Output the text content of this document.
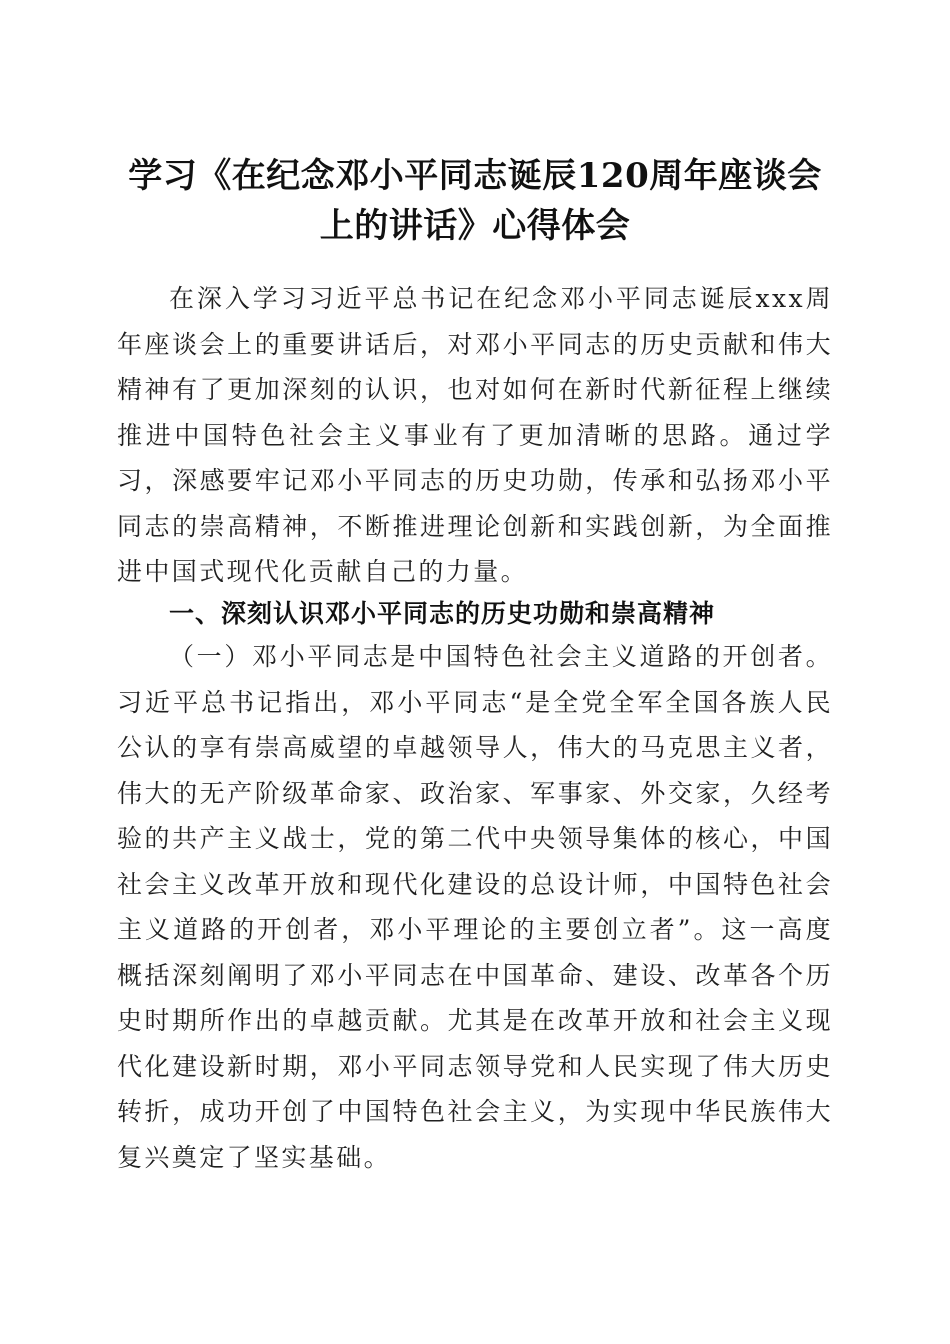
学习《在纪念邓小平同志诞辰120周年座谈会
上的讲话》心得体会

在深入学习习近平总书记在纪念邓小平同志诞辰xxx周年座谈会上的重要讲话后，对邓小平同志的历史贡献和伟大精神有了更加深刻的认识，也对如何在新时代新征程上继续推进中国特色社会主义事业有了更加清晰的思路。通过学习，深感要牢记邓小平同志的历史功勋，传承和弘扬邓小平同志的崇高精神，不断推进理论创新和实践创新，为全面推进中国式现代化贡献自己的力量。

一、深刻认识邓小平同志的历史功勋和崇高精神

（一）邓小平同志是中国特色社会主义道路的开创者。习近平总书记指出，邓小平同志“是全党全军全国各族人民公认的享有崇高威望的卓越领导人，伟大的马克思主义者，伟大的无产阶级革命家、政治家、军事家、外交家，久经考验的共产主义战士，党的第二代中央领导集体的核心，中国社会主义改革开放和现代化建设的总设计师，中国特色社会主义道路的开创者，邓小平理论的主要创立者”。这一高度概括深刻阐明了邓小平同志在中国革命、建设、改革各个历史时期所作出的卓越贡献。尤其是在改革开放和社会主义现代化建设新时期，邓小平同志领导党和人民实现了伟大历史转折，成功开创了中国特色社会主义，为实现中华民族伟大复兴奠定了坚实基础。
